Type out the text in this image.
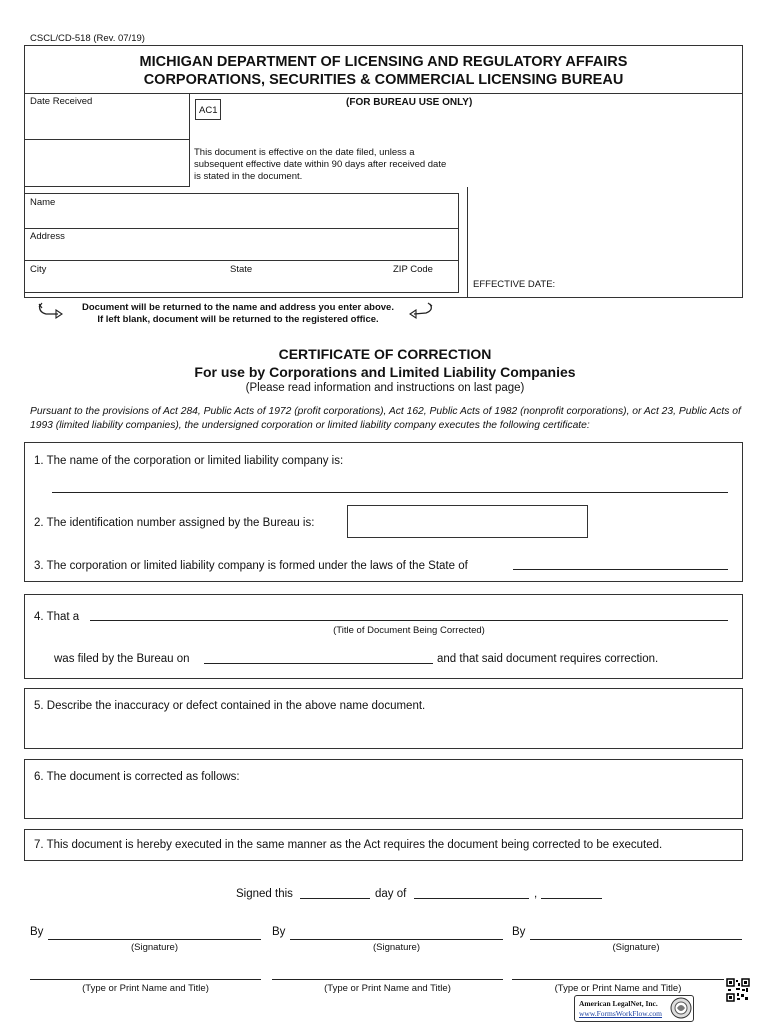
CSCL/CD-518 (Rev. 07/19)
MICHIGAN DEPARTMENT OF LICENSING AND REGULATORY AFFAIRS
CORPORATIONS, SECURITIES & COMMERCIAL LICENSING BUREAU
Date Received
AC1
(FOR BUREAU USE ONLY)
This document is effective on the date filed, unless a subsequent effective date within 90 days after received date is stated in the document.
EFFECTIVE DATE:
Name
Address
City	State	ZIP Code
Document will be returned to the name and address you enter above.
If left blank, document will be returned to the registered office.
CERTIFICATE OF CORRECTION
For use by Corporations and Limited Liability Companies
(Please read information and instructions on last page)
Pursuant to the provisions of Act 284, Public Acts of 1972 (profit corporations), Act 162, Public Acts of 1982 (nonprofit corporations), or Act 23, Public Acts of 1993 (limited liability companies), the undersigned corporation or limited liability company executes the following certificate:
1. The name of the corporation or limited liability company is:
2. The identification number assigned by the Bureau is:
3. The corporation or limited liability company is formed under the laws of the State of
4. That a
(Title of Document Being Corrected)
was filed by the Bureau on	and that said document requires correction.
5. Describe the inaccuracy or defect contained in the above name document.
6. The document is corrected as follows:
7. This document is hereby executed in the same manner as the Act requires the document being corrected to be executed.
Signed this	day of	,
By
(Signature)
By
(Signature)
By
(Signature)
(Type or Print Name and Title)	(Type or Print Name and Title)	(Type or Print Name and Title)
American LegalNet, Inc.
www.FormsWorkFlow.com
